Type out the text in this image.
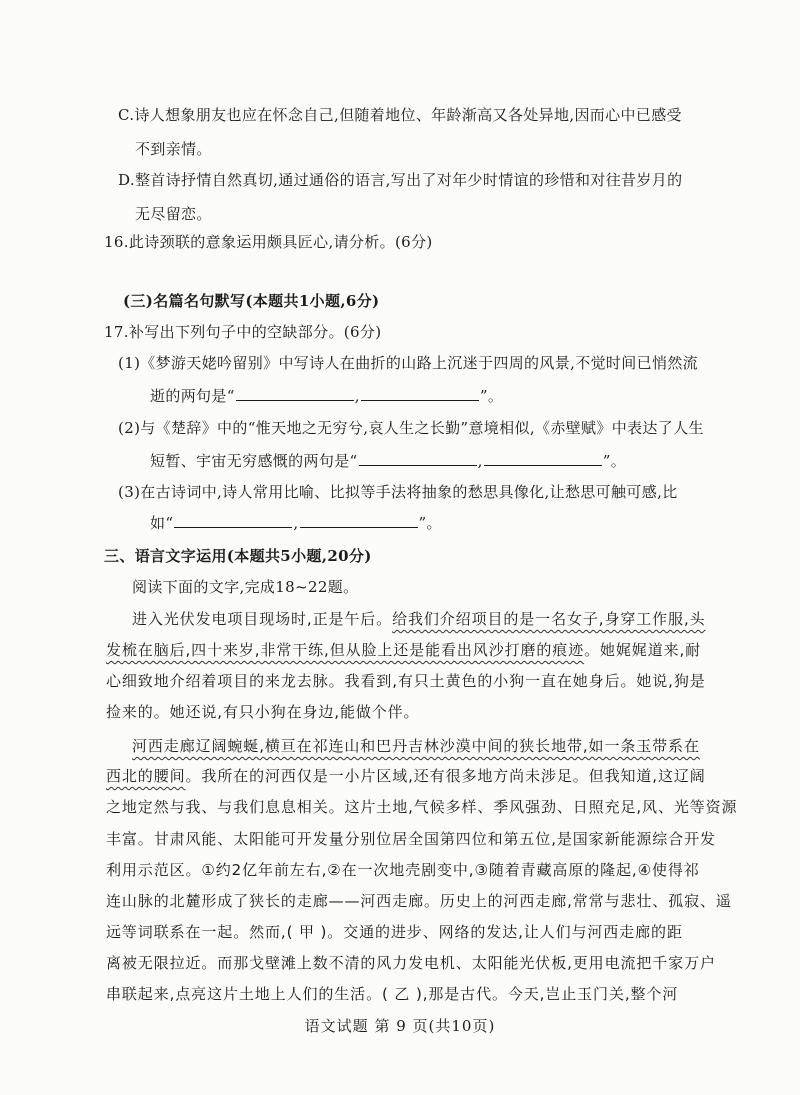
C.诗人想象朋友也应在怀念自己,但随着地位、年龄渐高又各处异地,因而心中已感受
不到亲情。
D.整首诗抒情自然真切,通过通俗的语言,写出了对年少时情谊的珍惜和对往昔岁月的
无尽留恋。
16.此诗颈联的意象运用颇具匠心,请分析。(6分)
(三)名篇名句默写(本题共1小题,6分)
17.补写出下列句子中的空缺部分。(6分)
(1)《梦游天姥吟留别》中写诗人在曲折的山路上沉迷于四周的风景,不觉时间已悄然流
逝的两句是“	,	”。
(2)与《楚辞》中的“惟天地之无穷兮,哀人生之长勤”意境相似,《赤壁赋》中表达了人生
短暂、宇宙无穷感慨的两句是“	,	”。
(3)在古诗词中,诗人常用比喻、比拟等手法将抽象的愁思具像化,让愁思可触可感,比
如“	,	”。
三、语言文字运用(本题共5小题,20分)
阅读下面的文字,完成18~22题。
进入光伏发电项目现场时,正是午后。给我们介绍项目的是一名女子,身穿工作服,头
发梳在脑后,四十来岁,非常干练,但从脸上还是能看出风沙打磨的痕迹。她娓娓道来,耐
心细致地介绍着项目的来龙去脉。我看到,有只土黄色的小狗一直在她身后。她说,狗是
捡来的。她还说,有只小狗在身边,能做个伴。
河西走廊辽阔蜿蜒,横亘在祁连山和巴丹吉林沙漠中间的狭长地带,如一条玉带系在
西北的腰间。我所在的河西仅是一小片区域,还有很多地方尚未涉足。但我知道,这辽阔
之地定然与我、与我们息息相关。这片土地,气候多样、季风强劲、日照充足,风、光等资源
丰富。甘肃风能、太阳能可开发量分别位居全国第四位和第五位,是国家新能源综合开发
利用示范区。①约2亿年前左右,②在一次地壳剧变中,③随着青藏高原的隆起,④使得祁
连山脉的北麓形成了狭长的走廊——河西走廊。历史上的河西走廊,常常与悲壮、孤寂、遥
远等词联系在一起。然而,( 甲 )。交通的进步、网络的发达,让人们与河西走廊的距
离被无限拉近。而那戈壁滩上数不清的风力发电机、太阳能光伏板,更用电流把千家万户
串联起来,点亮这片土地上人们的生活。( 乙 ),那是古代。今天,岂止玉门关,整个河
语文试题 第 9 页(共10页)
